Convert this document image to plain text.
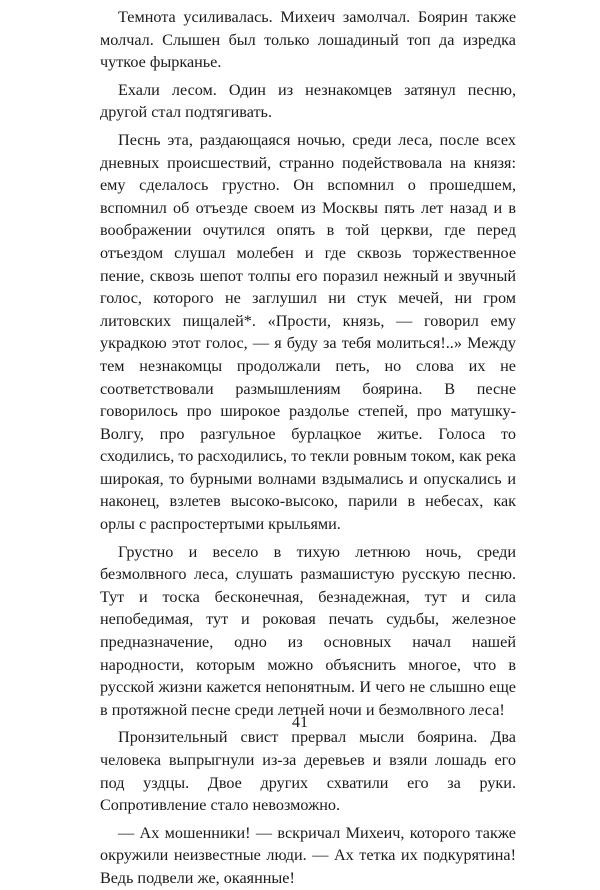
Темнота усиливалась. Михеич замолчал. Боярин также молчал. Слышен был только лошадиный топ да изредка чуткое фырканье.

Ехали лесом. Один из незнакомцев затянул песню, другой стал подтягивать.

Песнь эта, раздающаяся ночью, среди леса, после всех дневных происшествий, странно подействовала на князя: ему сделалось грустно. Он вспомнил о прошедшем, вспомнил об отъезде своем из Москвы пять лет назад и в воображении очутился опять в той церкви, где перед отъездом слушал молебен и где сквозь торжественное пение, сквозь шепот толпы его поразил нежный и звучный голос, которого не заглушил ни стук мечей, ни гром литовских пищалей*. «Прости, князь, — говорил ему украдкою этот голос, — я буду за тебя молиться!..» Между тем незнакомцы продолжали петь, но слова их не соответствовали размышлениям боярина. В песне говорилось про широкое раздолье степей, про матушку-Волгу, про разгульное бурлацкое житье. Голоса то сходились, то расходились, то текли ровным током, как река широкая, то бурными волнами вздымались и опускались и наконец, взлетев высоко-высоко, парили в небесах, как орлы с распростертыми крыльями.

Грустно и весело в тихую летнюю ночь, среди безмолвного леса, слушать размашистую русскую песню. Тут и тоска бесконечная, безнадежная, тут и сила непобедимая, тут и роковая печать судьбы, железное предназначение, одно из основных начал нашей народности, которым можно объяснить многое, что в русской жизни кажется непонятным. И чего не слышно еще в протяжной песне среди летней ночи и безмолвного леса!

Пронзительный свист прервал мысли боярина. Два человека выпрыгнули из-за деревьев и взяли лошадь его под уздцы. Двое других схватили его за руки. Сопротивление стало невозможно.

— Ах мошенники! — вскричал Михеич, которого также окружили неизвестные люди. — Ах тетка их подкурятина! Ведь подвели же, окаянные!

41
